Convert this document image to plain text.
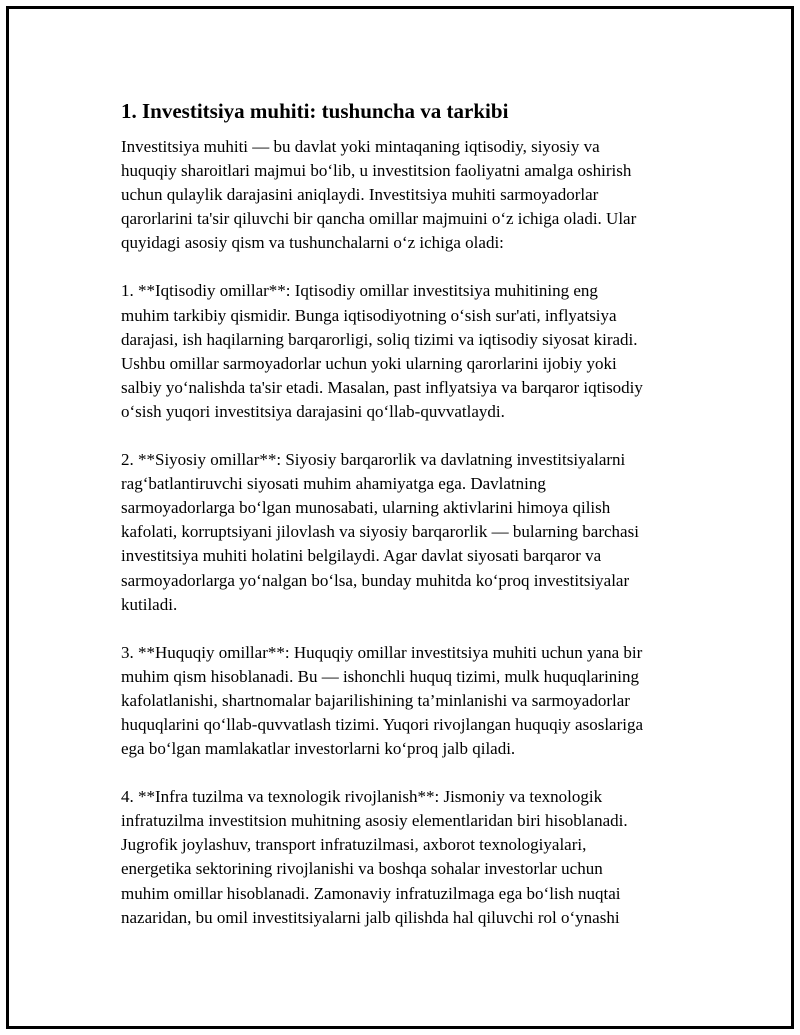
1. Investitsiya muhiti: tushuncha va tarkibi

Investitsiya muhiti — bu davlat yoki mintaqaning iqtisodiy, siyosiy va
huquqiy sharoitlari majmui bo‘lib, u investitsion faoliyatni amalga oshirish
uchun qulaylik darajasini aniqlaydi. Investitsiya muhiti sarmoyadorlar
qarorlarini ta'sir qiluvchi bir qancha omillar majmuini o‘z ichiga oladi. Ular
quyidagi asosiy qism va tushunchalarni o‘z ichiga oladi:

1. **Iqtisodiy omillar**: Iqtisodiy omillar investitsiya muhitining eng
muhim tarkibiy qismidir. Bunga iqtisodiyotning o‘sish sur'ati, inflyatsiya
darajasi, ish haqilarning barqarorligi, soliq tizimi va iqtisodiy siyosat kiradi.
Ushbu omillar sarmoyadorlar uchun yoki ularning qarorlarini ijobiy yoki
salbiy yo‘nalishda ta'sir etadi. Masalan, past inflyatsiya va barqaror iqtisodiy
o‘sish yuqori investitsiya darajasini qo‘llab-quvvatlaydi.

2. **Siyosiy omillar**: Siyosiy barqarorlik va davlatning investitsiyalarni
rag‘batlantiruvchi siyosati muhim ahamiyatga ega. Davlatning
sarmoyadorlarga bo‘lgan munosabati, ularning aktivlarini himoya qilish
kafolati, korruptsiyani jilovlash va siyosiy barqarorlik — bularning barchasi
investitsiya muhiti holatini belgilaydi. Agar davlat siyosati barqaror va
sarmoyadorlarga yo‘nalgan bo‘lsa, bunday muhitda ko‘proq investitsiyalar
kutiladi.

3. **Huquqiy omillar**: Huquqiy omillar investitsiya muhiti uchun yana bir
muhim qism hisoblanadi. Bu — ishonchli huquq tizimi, mulk huquqlarining
kafolatlanishi, shartnomalar bajarilishining ta’minlanishi va sarmoyadorlar
huquqlarini qo‘llab-quvvatlash tizimi. Yuqori rivojlangan huquqiy asoslariga
ega bo‘lgan mamlakatlar investorlarni ko‘proq jalb qiladi.

4. **Infra tuzilma va texnologik rivojlanish**: Jismoniy va texnologik
infratuzilma investitsion muhitning asosiy elementlaridan biri hisoblanadi.
Jugrofik joylashuv, transport infratuzilmasi, axborot texnologiyalari,
energetika sektorining rivojlanishi va boshqa sohalar investorlar uchun
muhim omillar hisoblanadi. Zamonaviy infratuzilmaga ega bo‘lish nuqtai
nazaridan, bu omil investitsiyalarni jalb qilishda hal qiluvchi rol o‘ynashi
